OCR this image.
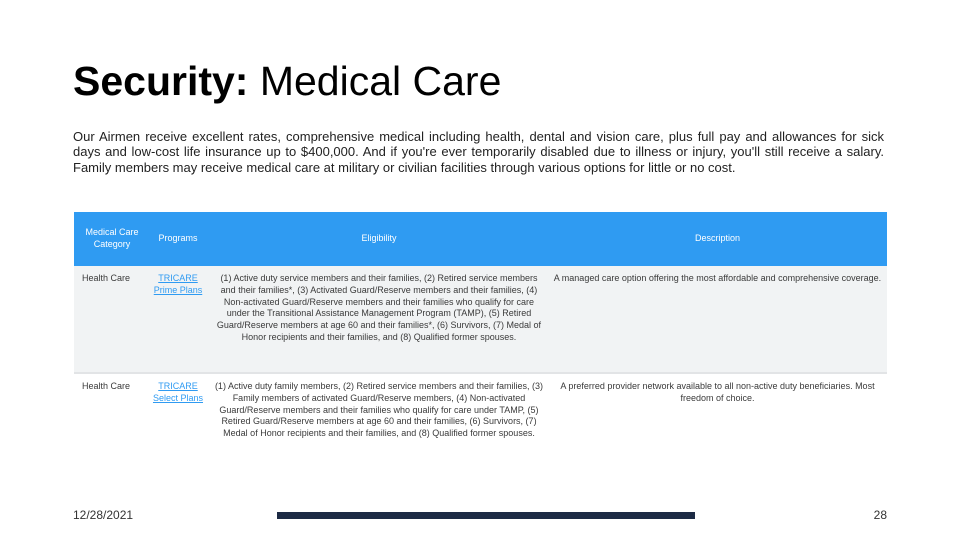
Security: Medical Care

Our Airmen receive excellent rates, comprehensive medical including health, dental and vision care, plus full pay and allowances for sick days and low-cost life insurance up to $400,000. And if you're ever temporarily disabled due to illness or injury, you'll still receive a salary. Family members may receive medical care at military or civilian facilities through various options for little or no cost.

Medical Care Category	Programs	Eligibility	Description
Health Care	TRICARE Prime Plans	(1) Active duty service members and their families, (2) Retired service members and their families*, (3) Activated Guard/Reserve members and their families, (4) Non-activated Guard/Reserve members and their families who qualify for care under the Transitional Assistance Management Program (TAMP), (5) Retired Guard/Reserve members at age 60 and their families*, (6) Survivors, (7) Medal of Honor recipients and their families, and (8) Qualified former spouses.	A managed care option offering the most affordable and comprehensive coverage.
Health Care	TRICARE Select Plans	(1) Active duty family members, (2) Retired service members and their families, (3) Family members of activated Guard/Reserve members, (4) Non-activated Guard/Reserve members and their families who qualify for care under TAMP, (5) Retired Guard/Reserve members at age 60 and their families, (6) Survivors, (7) Medal of Honor recipients and their families, and (8) Qualified former spouses.	A preferred provider network available to all non-active duty beneficiaries. Most freedom of choice.
12/28/2021	28
